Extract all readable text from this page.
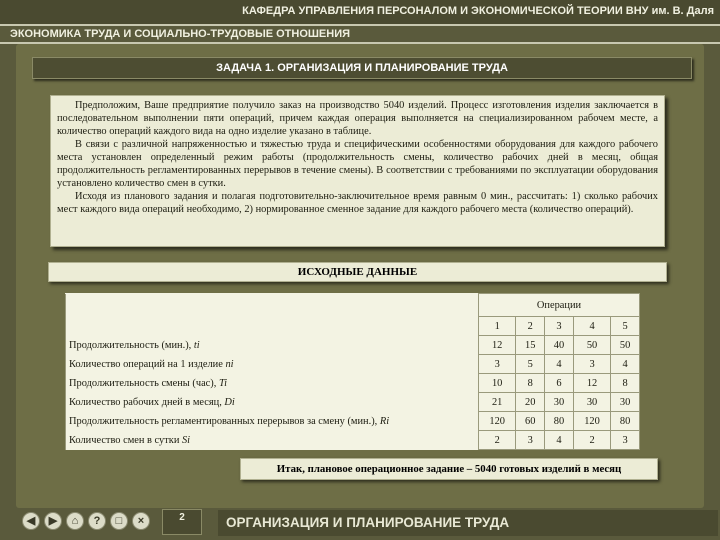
КАФЕДРА УПРАВЛЕНИЯ ПЕРСОНАЛОМ И ЭКОНОМИЧЕСКОЙ ТЕОРИИ ВНУ им. В. Даля
ЭКОНОМИКА ТРУДА И СОЦИАЛЬНО-ТРУДОВЫЕ ОТНОШЕНИЯ
ЗАДАЧА 1. ОРГАНИЗАЦИЯ И ПЛАНИРОВАНИЕ ТРУДА

Предположим, Ваше предприятие получило заказ на производство 5040 изделий. Процесс изготовления изделия заключается в последовательном выполнении пяти операций, причем каждая операция выполняется на специализированном рабочем месте, а количество операций каждого вида на одно изделие указано в таблице.

В связи с различной напряженностью и тяжестью труда и специфическими особенностями оборудования для каждого рабочего места установлен определенный режим работы (продолжительность смены, количество рабочих дней в месяц, общая продолжительность регламентированных перерывов в течение смены). В соответствии с требованиями по эксплуатации оборудования установлено количество смен в сутки.

Исходя из планового задания и полагая подготовительно-заключительное время равным 0 мин., рассчитать: 1) сколько рабочих мест каждого вида операций необходимо, 2) нормированное сменное задание для каждого рабочего места (количество операций).

ИСХОДНЫЕ ДАННЫЕ
	Операции				
	1	2	3	4	5
Продолжительность (мин.), ti	12	15	40	50	50
Количество операций на 1 изделие ni	3	5	4	3	4
Продолжительность смены (час), Ti	10	8	6	12	8
Количество рабочих дней в месяц, Di	21	20	30	30	30
Продолжительность регламентированных перерывов за смену (мин.), Ri	120	60	80	120	80
Количество смен в сутки Si	2	3	4	2	3
Итак, плановое операционное задание – 5040 готовых изделий в месяц
◀	▶	⌂	?	□	×	2	ОРГАНИЗАЦИЯ И ПЛАНИРОВАНИЕ ТРУДА
